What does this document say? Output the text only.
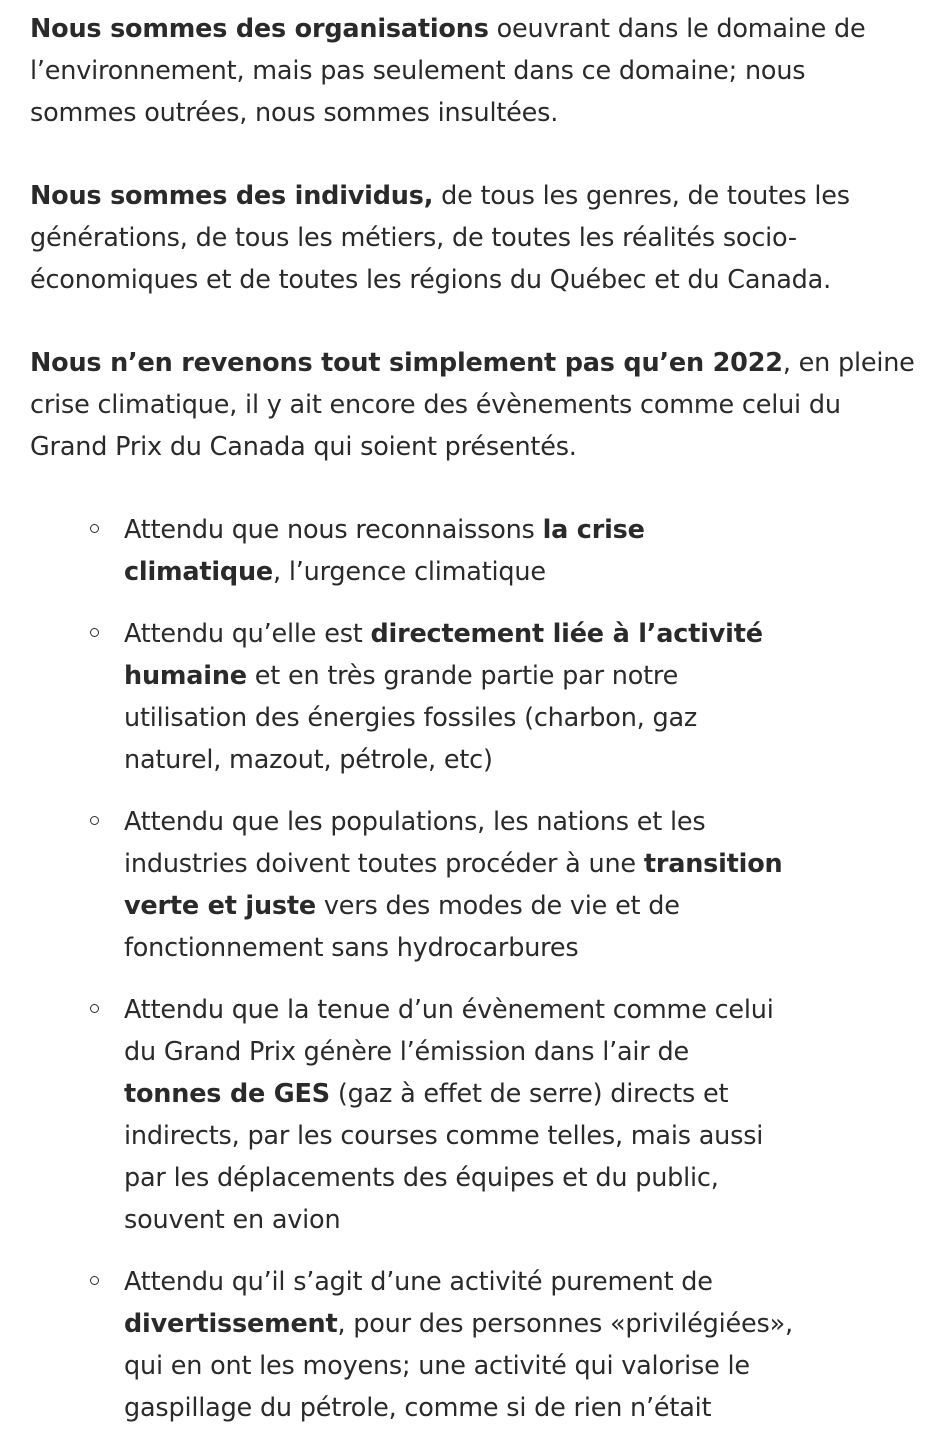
Nous sommes des organisations oeuvrant dans le domaine de
l’environnement, mais pas seulement dans ce domaine; nous
sommes outrées, nous sommes insultées.

Nous sommes des individus, de tous les genres, de toutes les
générations, de tous les métiers, de toutes les réalités socio-
économiques et de toutes les régions du Québec et du Canada.

Nous n’en revenons tout simplement pas qu’en 2022, en pleine
crise climatique, il y ait encore des évènements comme celui du
Grand Prix du Canada qui soient présentés.

Attendu que nous reconnaissons la crise
climatique, l’urgence climatique
Attendu qu’elle est directement liée à l’activité
humaine et en très grande partie par notre
utilisation des énergies fossiles (charbon, gaz
naturel, mazout, pétrole, etc)
Attendu que les populations, les nations et les
industries doivent toutes procéder à une transition
verte et juste vers des modes de vie et de
fonctionnement sans hydrocarbures
Attendu que la tenue d’un évènement comme celui
du Grand Prix génère l’émission dans l’air de
tonnes de GES (gaz à effet de serre) directs et
indirects, par les courses comme telles, mais aussi
par les déplacements des équipes et du public,
souvent en avion
Attendu qu’il s’agit d’une activité purement de
divertissement, pour des personnes «privilégiées»,
qui en ont les moyens; une activité qui valorise le
gaspillage du pétrole, comme si de rien n’était
